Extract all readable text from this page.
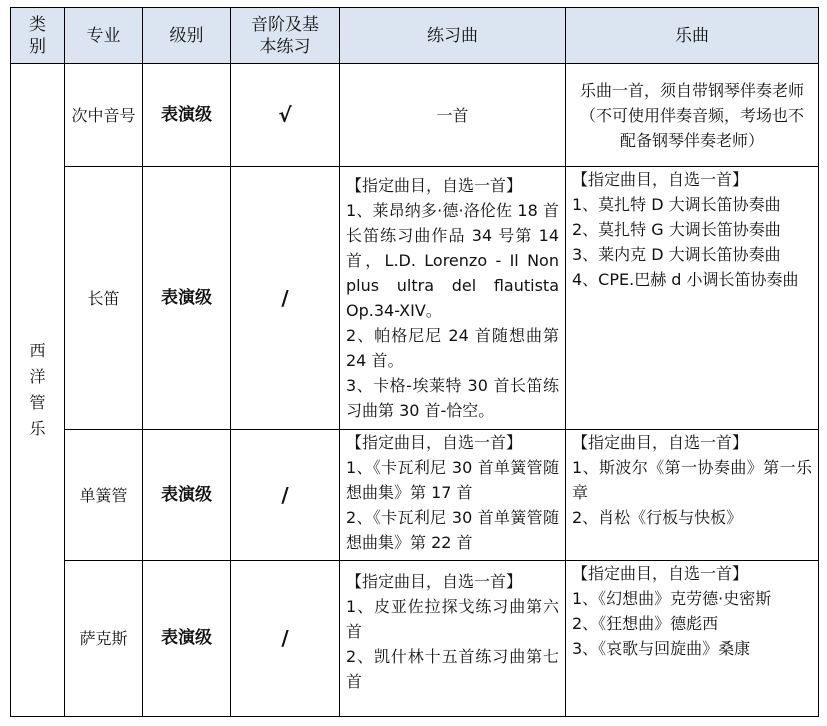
类别	专业	级别	音阶及基本练习	练习曲	乐曲
西洋管乐	次中音号	表演级	√	一首	乐曲一首，须自带钢琴伴奏老师（不可使用伴奏音频，考场也不配备钢琴伴奏老师）

	长笛	表演级	/	【指定曲目，自选一首】
1、莱昂纳多·德·洛伦佐 18 首长笛练习曲作品 34 号第 14 首，L.D. Lorenzo - Il Non plus ultra del flautista Op.34-XIV。
2、帕格尼尼 24 首随想曲第 24 首。
3、卡格-埃莱特 30 首长笛练习曲第 30 首-恰空。	【指定曲目，自选一首】
1、莫扎特 D 大调长笛协奏曲
2、莫扎特 G 大调长笛协奏曲
3、莱内克 D 大调长笛协奏曲
4、CPE.巴赫 d 小调长笛协奏曲

	单簧管	表演级	/	【指定曲目，自选一首】
1、《卡瓦利尼 30 首单簧管随想曲集》第 17 首
2、《卡瓦利尼 30 首单簧管随想曲集》第 22 首	【指定曲目，自选一首】
1、斯波尔《第一协奏曲》第一乐章
2、肖松《行板与快板》

	萨克斯	表演级	/	【指定曲目，自选一首】
1、皮亚佐拉探戈练习曲第六首
2、凯什林十五首练习曲第七首	【指定曲目，自选一首】
1、《幻想曲》克劳德·史密斯
2、《狂想曲》德彪西
3、《哀歌与回旋曲》桑康
